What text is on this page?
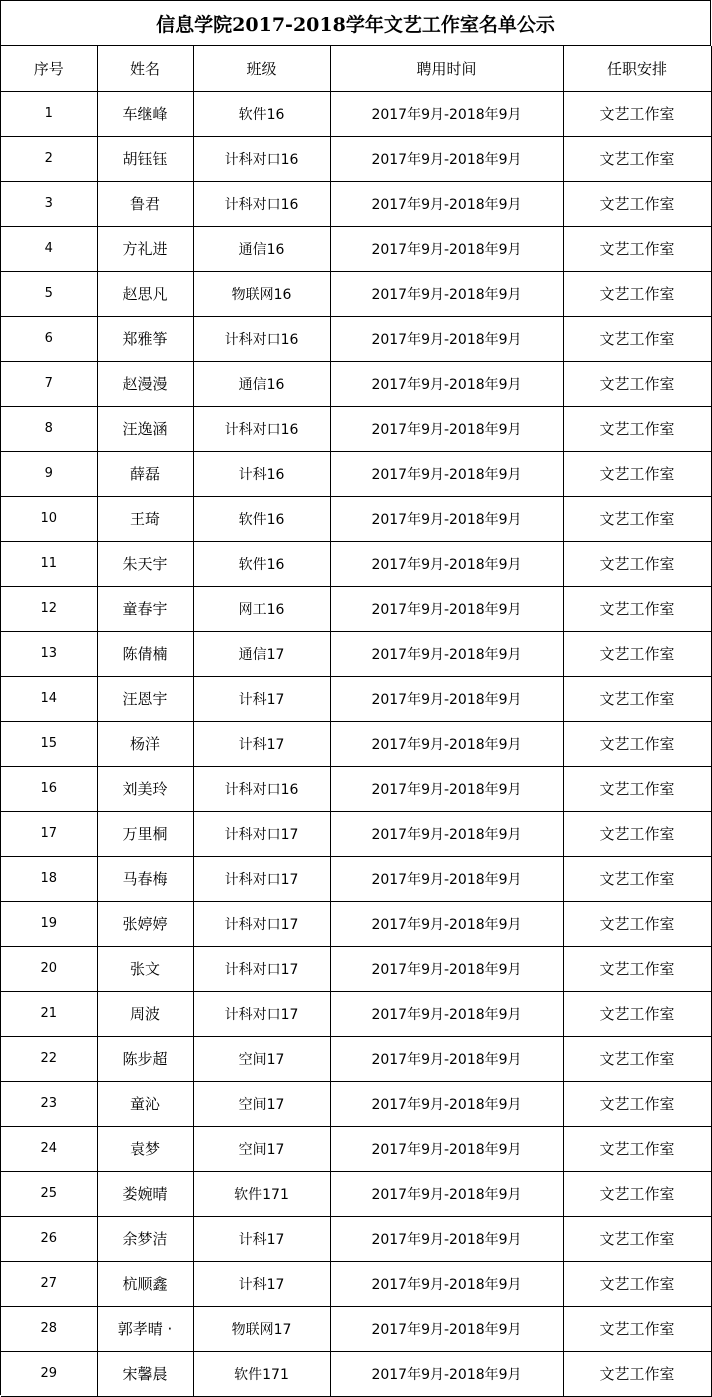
信息学院2017-2018学年文艺工作室名单公示
序号	姓名	班级	聘用时间	任职安排
1	车继峰	软件16	2017年9月-2018年9月	文艺工作室
2	胡钰钰	计科对口16	2017年9月-2018年9月	文艺工作室
3	鲁君	计科对口16	2017年9月-2018年9月	文艺工作室
4	方礼进	通信16	2017年9月-2018年9月	文艺工作室
5	赵思凡	物联网16	2017年9月-2018年9月	文艺工作室
6	郑雅筝	计科对口16	2017年9月-2018年9月	文艺工作室
7	赵漫漫	通信16	2017年9月-2018年9月	文艺工作室
8	汪逸涵	计科对口16	2017年9月-2018年9月	文艺工作室
9	薛磊	计科16	2017年9月-2018年9月	文艺工作室
10	王琦	软件16	2017年9月-2018年9月	文艺工作室
11	朱天宇	软件16	2017年9月-2018年9月	文艺工作室
12	童春宇	网工16	2017年9月-2018年9月	文艺工作室
13	陈倩楠	通信17	2017年9月-2018年9月	文艺工作室
14	汪恩宇	计科17	2017年9月-2018年9月	文艺工作室
15	杨洋	计科17	2017年9月-2018年9月	文艺工作室
16	刘美玲	计科对口16	2017年9月-2018年9月	文艺工作室
17	万里桐	计科对口17	2017年9月-2018年9月	文艺工作室
18	马春梅	计科对口17	2017年9月-2018年9月	文艺工作室
19	张婷婷	计科对口17	2017年9月-2018年9月	文艺工作室
20	张文	计科对口17	2017年9月-2018年9月	文艺工作室
21	周波	计科对口17	2017年9月-2018年9月	文艺工作室
22	陈步超	空间17	2017年9月-2018年9月	文艺工作室
23	童沁	空间17	2017年9月-2018年9月	文艺工作室
24	袁梦	空间17	2017年9月-2018年9月	文艺工作室
25	娄婉晴	软件171	2017年9月-2018年9月	文艺工作室
26	余梦洁	计科17	2017年9月-2018年9月	文艺工作室
27	杭顺鑫	计科17	2017年9月-2018年9月	文艺工作室
28	郭孝晴 ·	物联网17	2017年9月-2018年9月	文艺工作室
29	宋馨晨	软件171	2017年9月-2018年9月	文艺工作室
